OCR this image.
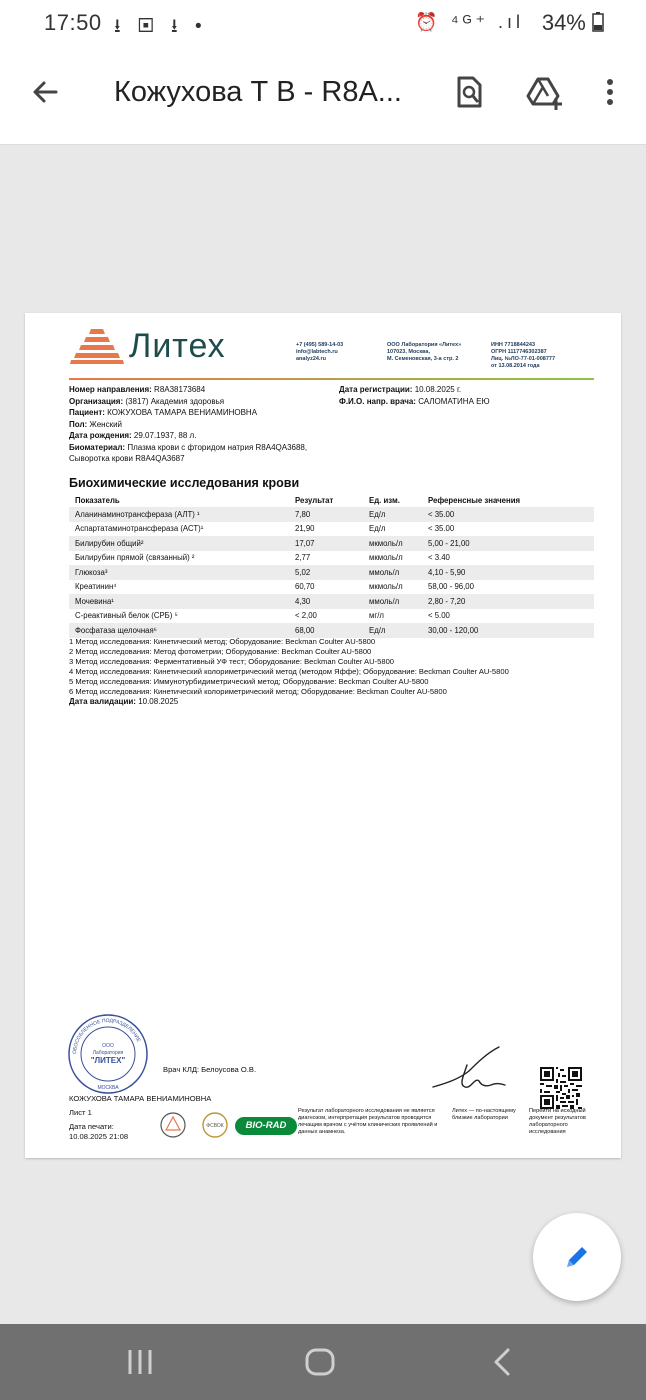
17:50 ⭳ ▣ ⭳ •	⏰ ⁴ᴳ⁺ .ıl 34%
Кожухова Т В - R8A...
Литех	+7 (495) 589-14-03
info@labtech.ru
analyz24.ru
ООО Лаборатория «Литех»
107023, Москва,
М. Семеновская, 3-а стр. 2
ИНН 7718844243
ОГРН 1117746302387
Лиц. №ЛО-77-01-008777
от 13.08.2014 года
Номер направления: R8A38173684
Организация: (3817) Академия здоровья
Пациент: КОЖУХОВА ТАМАРА ВЕНИАМИНОВНА
Пол: Женский
Дата рождения: 29.07.1937, 88 л.
Биоматериал: Плазма крови с фторидом натрия R8A4QA3688,
Сыворотка крови R8A4QA3687
Дата регистрации: 10.08.2025 г.
Ф.И.О. напр. врача: САЛОМАТИНА ЕЮ
Биохимические исследования крови
Показатель	Результат	Ед. изм.	Референсные значения
Аланинаминотрансфераза (АЛТ) ¹	7,80	Ед/л	< 35.00
Аспартатаминотрансфераза (АСТ)¹	21,90	Ед/л	< 35.00
Билирубин общий²	17,07	мкмоль/л	5,00 - 21,00
Билирубин прямой (связанный) ²	2,77	мкмоль/л	< 3.40
Глюкоза³	5,02	ммоль/л	4,10 - 5,90
Креатинин⁴	60,70	мкмоль/л	58,00 - 96,00
Мочевина¹	4,30	ммоль/л	2,80 - 7,20
С-реактивный белок (СРБ) ⁵	< 2,00	мг/л	< 5.00
Фосфатаза щелочная⁶	68,00	Ед/л	30,00 - 120,00
1 Метод исследования: Кинетический метод; Оборудование: Beckman Coulter AU-5800
2 Метод исследования: Метод фотометрии; Оборудование: Beckman Coulter AU-5800
3 Метод исследования: Ферментативный УФ тест; Оборудование: Beckman Coulter AU-5800
4 Метод исследования: Кинетический колориметрический метод (методом Яффе); Оборудование: Beckman Coulter AU-5800
5 Метод исследования: Иммунотурбидиметрический метод; Оборудование: Beckman Coulter AU-5800
6 Метод исследования: Кинетический колориметрический метод; Оборудование: Beckman Coulter AU-5800
Дата валидации: 10.08.2025
ОБОСОБЛЕННОЕ ПОДРАЗДЕЛЕНИЕ
ООО
Лаборатория
"ЛИТЕХ"
МОСКВА
Врач КЛД: Белоусова О.В.
КОЖУХОВА ТАМАРА ВЕНИАМИНОВНА
Лист 1
Дата печати:
10.08.2025 21:08
ФСВОК	BIO-RAD
Результат лабораторного исследования не является диагнозом, интерпретация результатов проводится лечащим врачом с учётом клинических проявлений и данных анамнеза.
Литех — по-настоящему близкие лаборатории
Перейти на исходный документ результатов лабораторного исследования
